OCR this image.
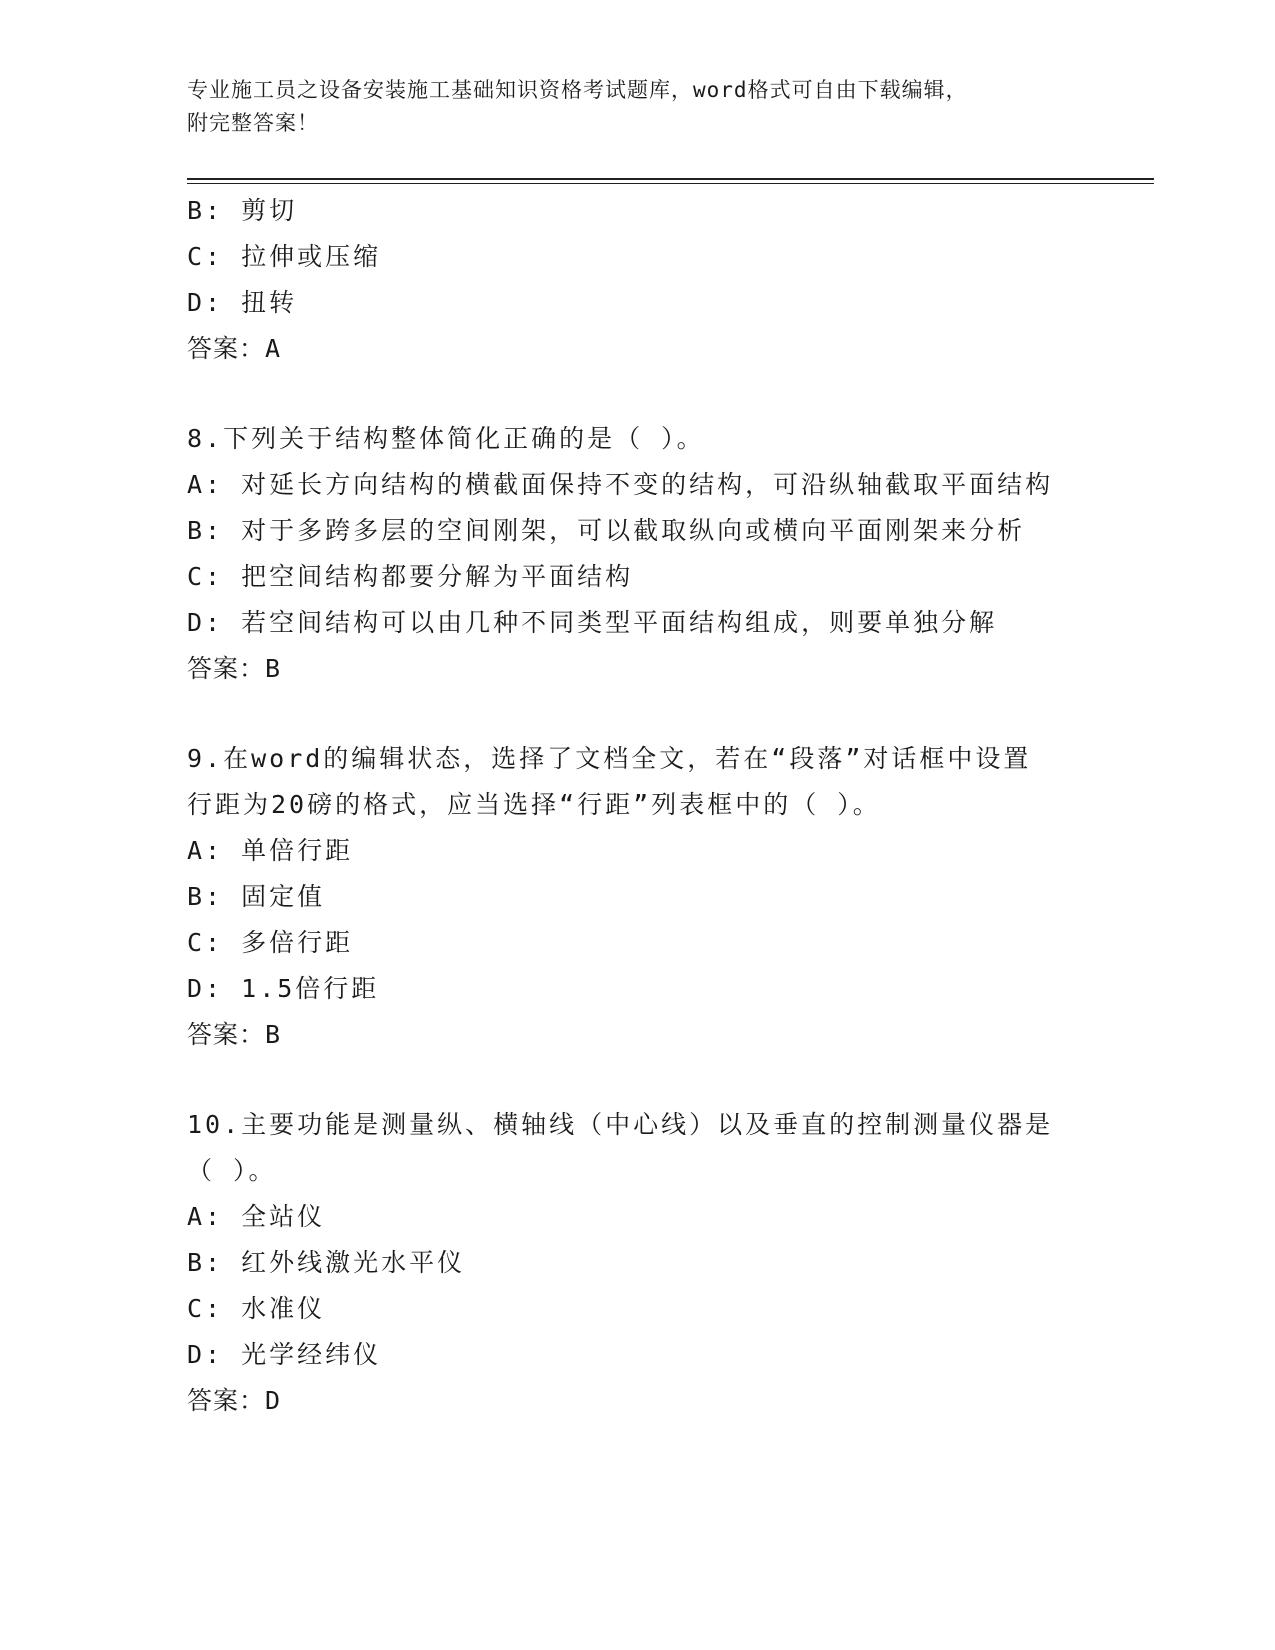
专业施工员之设备安装施工基础知识资格考试题库，word格式可自由下载编辑，
附完整答案！
B: 剪切
C: 拉伸或压缩
D: 扭转
答案：A
8.下列关于结构整体简化正确的是（ ）。
A: 对延长方向结构的横截面保持不变的结构，可沿纵轴截取平面结构
B: 对于多跨多层的空间刚架，可以截取纵向或横向平面刚架来分析
C: 把空间结构都要分解为平面结构
D: 若空间结构可以由几种不同类型平面结构组成，则要单独分解
答案：B
9.在word的编辑状态，选择了文档全文，若在“段落”对话框中设置
行距为20磅的格式，应当选择“行距”列表框中的（ ）。
A: 单倍行距
B: 固定值
C: 多倍行距
D: 1.5倍行距
答案：B
10.主要功能是测量纵、横轴线（中心线）以及垂直的控制测量仪器是
（ ）。
A: 全站仪
B: 红外线激光水平仪
C: 水准仪
D: 光学经纬仪
答案：D
